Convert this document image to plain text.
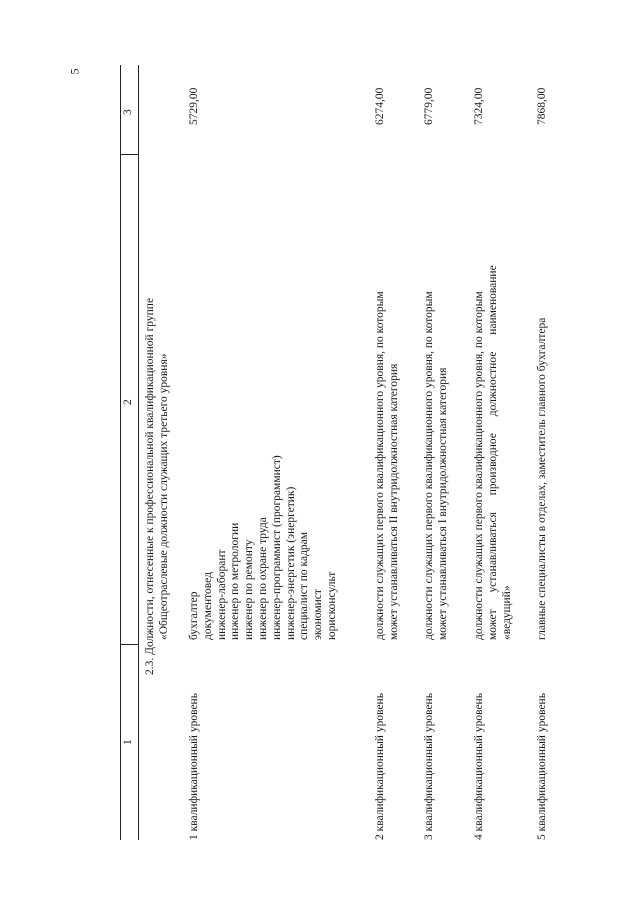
5
1
2
3
2.3. Должности, отнесенные к профессиональной квалификационной группе «Общеотраслевые должности служащих третьего уровня»
1 квалификационный уровень
бухгалтер документовед инженер-лаборант инженер по метрологии инженер по ремонту инженер по охране труда инженер-программист (программист) инженер-энергетик (энергетик) специалист по кадрам экономист юрисконсульт
5729,00
2 квалификационный уровень
должности служащих первого квалификационного уровня, по которым может устанавливаться II внутридолжностная категория
6274,00
3 квалификационный уровень
должности служащих первого квалификационного уровня, по которым может устанавливаться I внутридолжностная категория
6779,00
4 квалификационный уровень
должности служащих первого квалификационного уровня, по которым может устанавливаться производное должностное наименование «ведущий»
7324,00
5 квалификационный уровень
главные специалисты в отделах, заместитель главного бухгалтера
7868,00
